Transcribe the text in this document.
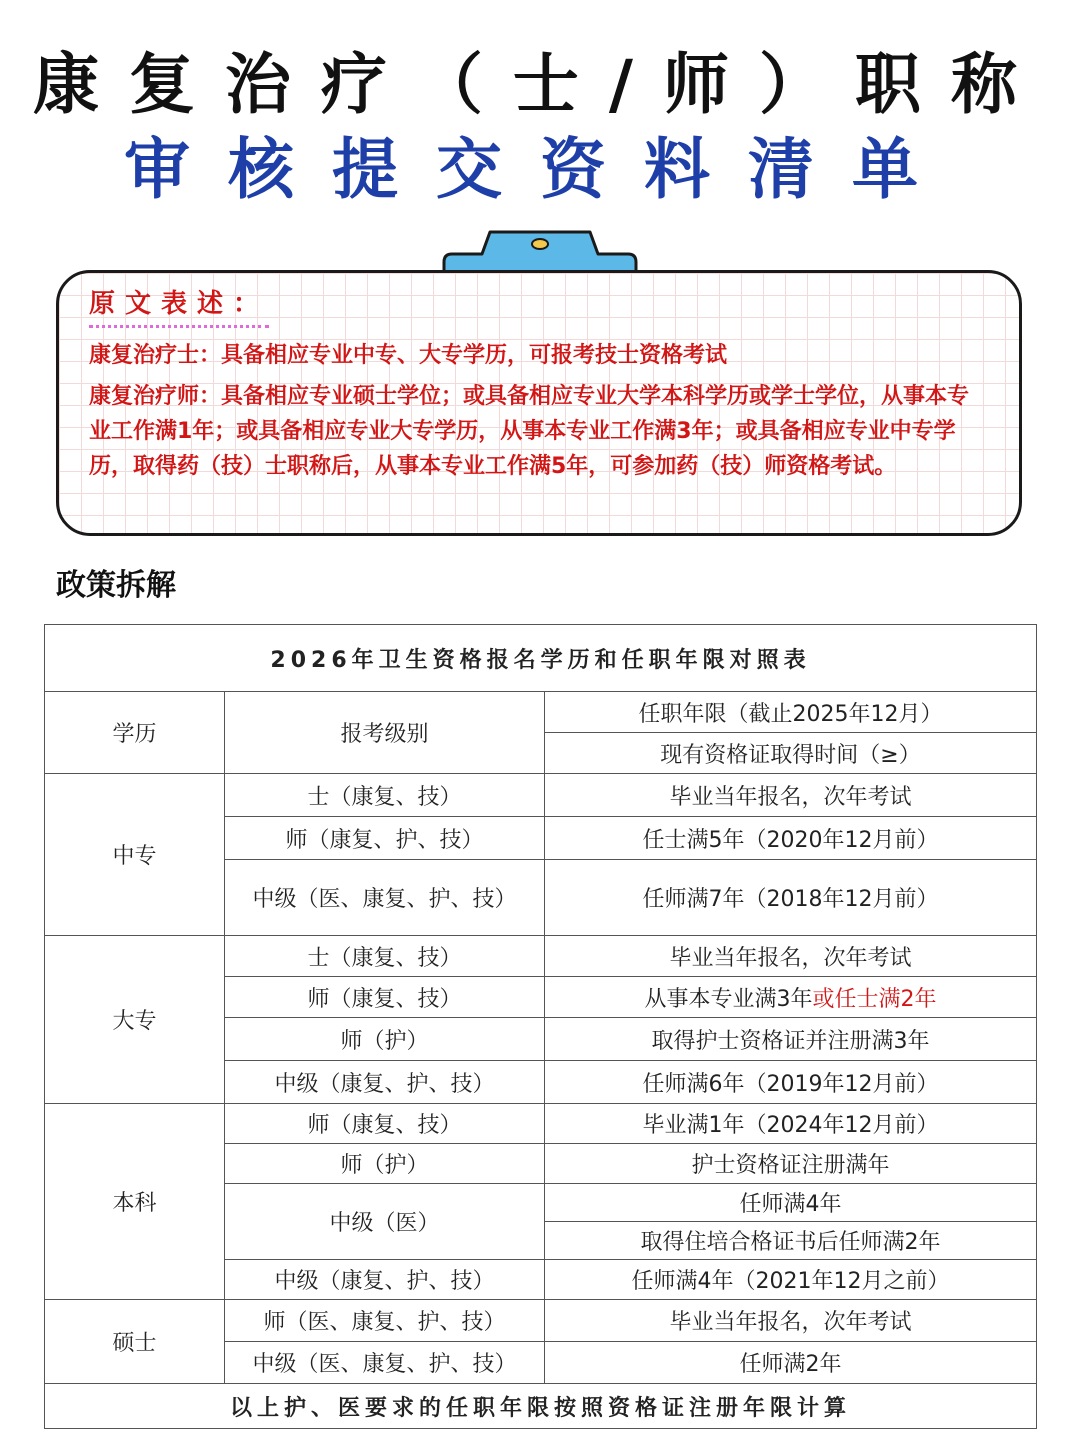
康复治疗（士/师）职称
审核提交资料清单
原文表述：
康复治疗士：具备相应专业中专、大专学历，可报考技士资格考试
康复治疗师：具备相应专业硕士学位；或具备相应专业大学本科学历或学士学位，从事本专业工作满1年；或具备相应专业大专学历，从事本专业工作满3年；或具备相应专业中专学历，取得药（技）士职称后，从事本专业工作满5年，可参加药（技）师资格考试。
政策拆解
2026年卫生资格报名学历和任职年限对照表		
学历	报考级别	任职年限（截止2025年12月）
		现有资格证取得时间（≥）
中专	士（康复、技）	毕业当年报名，次年考试
	师（康复、护、技）	任士满5年（2020年12月前）
	中级（医、康复、护、技）	任师满7年（2018年12月前）
大专	士（康复、技）	毕业当年报名，次年考试
	师（康复、技）	从事本专业满3年或任士满2年
	师（护）	取得护士资格证并注册满3年
	中级（康复、护、技）	任师满6年（2019年12月前）
本科	师（康复、技）	毕业满1年（2024年12月前）
	师（护）	护士资格证注册满年
	中级（医）	任师满4年
		取得住培合格证书后任师满2年
	中级（康复、护、技）	任师满4年（2021年12月之前）
硕士	师（医、康复、护、技）	毕业当年报名，次年考试
	中级（医、康复、护、技）	任师满2年
以上护、医要求的任职年限按照资格证注册年限计算		
